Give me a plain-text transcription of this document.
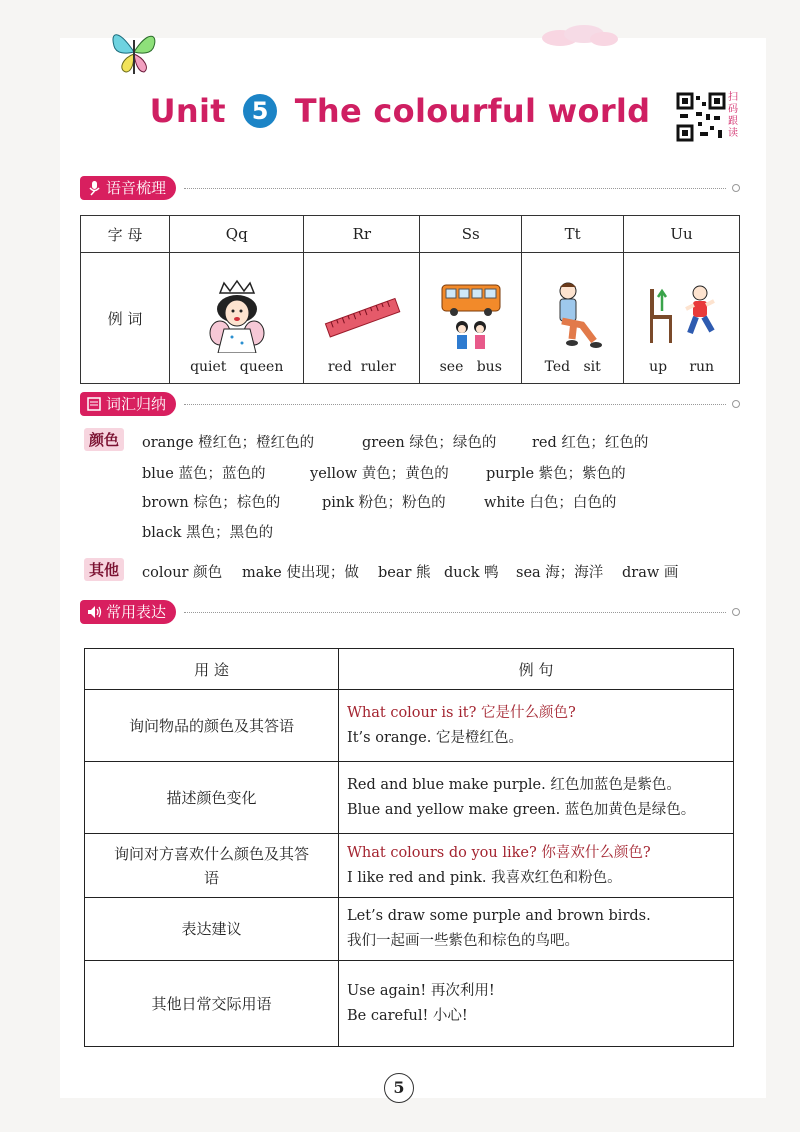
Unit 5 The colourful world	扫码跟读
语音梳理
字 母	Qq	Rr	Ss	Tt	Uu
例 词	quiet queen	red ruler	see bus	Ted sit	up run
词汇归纳
颜色	orange 橙红色；橙红色的	green 绿色；绿色的 red 红色；红色的
blue 蓝色；蓝色的	yellow 黄色；黄色的	purple 紫色；紫色的
brown 棕色；棕色的	pink 粉色；粉色的	white 白色；白色的
black 黑色；黑色的
其他	colour 颜色 make 使出现；做 bear 熊 duck 鸭 sea 海；海洋 draw 画
常用表达
用 途	例 句
询问物品的颜色及其答语	What colour is it? 它是什么颜色?
It’s orange. 它是橙红色。

描述颜色变化	Red and blue make purple. 红色加蓝色是紫色。
Blue and yellow make green. 蓝色加黄色是绿色。

询问对方喜欢什么颜色及其答语	What colours do you like? 你喜欢什么颜色?
I like red and pink. 我喜欢红色和粉色。

表达建议	Let’s draw some purple and brown birds.
我们一起画一些紫色和棕色的鸟吧。

其他日常交际用语	Use again! 再次利用!
Be careful! 小心!
5
